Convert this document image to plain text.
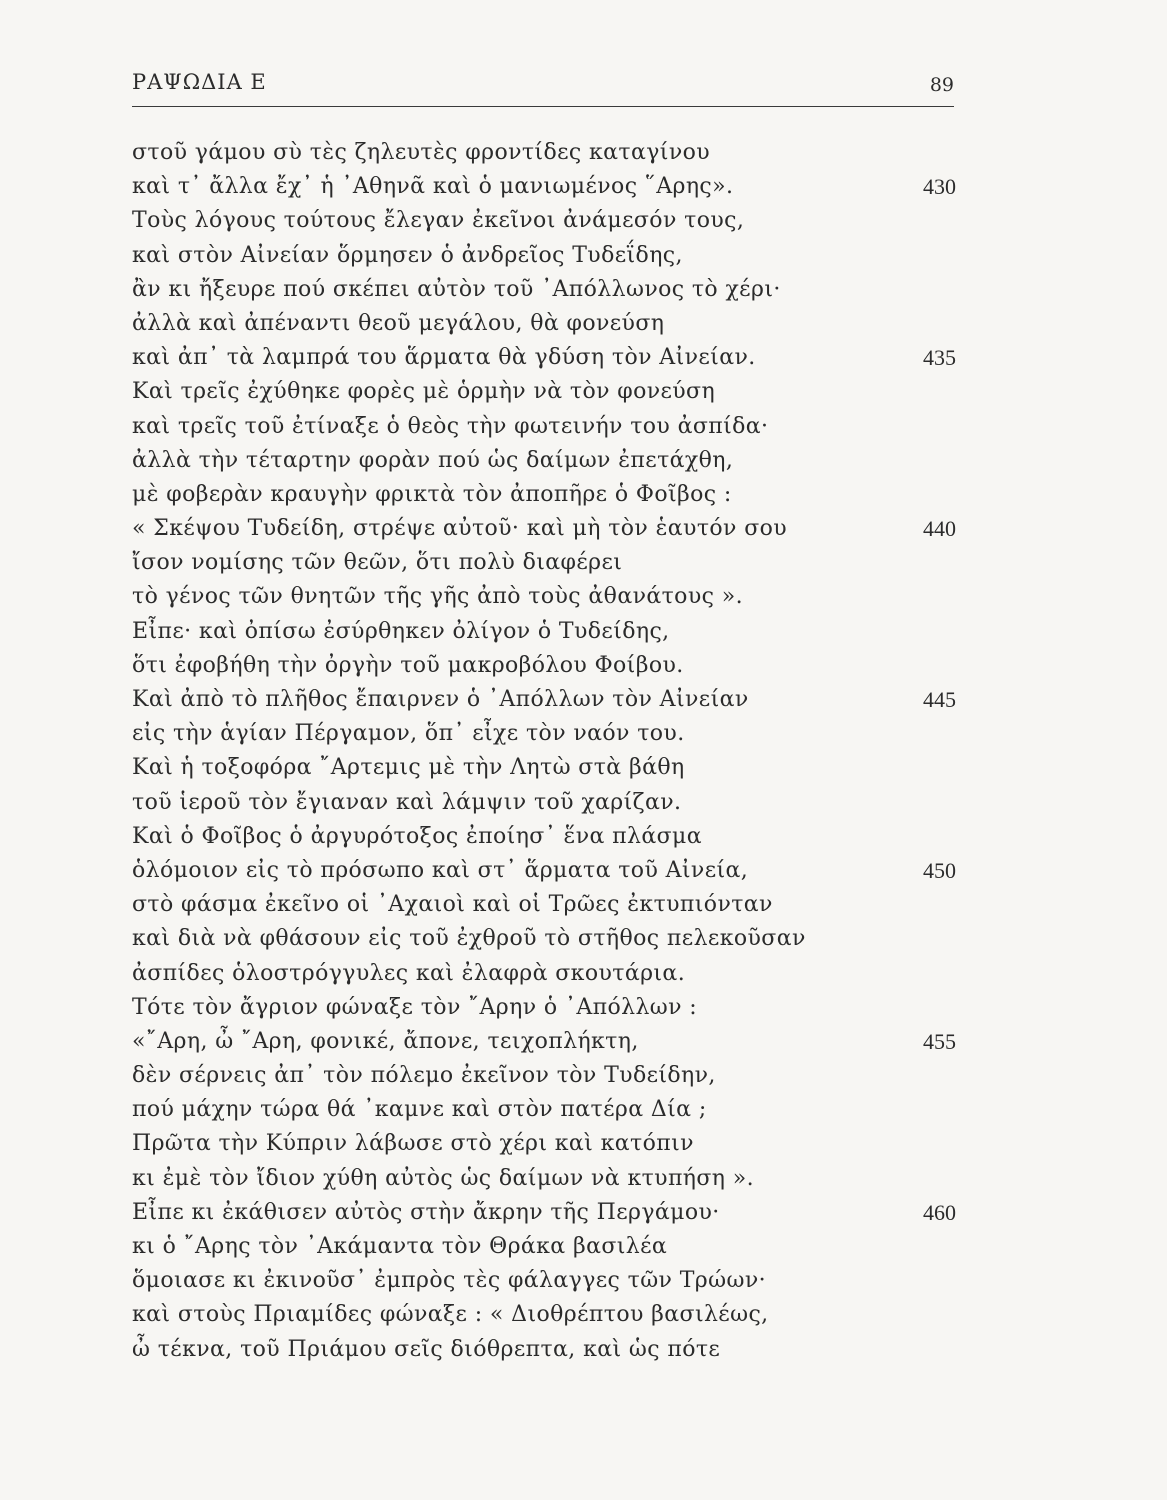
ΡΑΨΩΔΙΑ Ε	89
στοῦ γάμου σὺ τὲς ζηλευτὲς φροντίδες καταγίνου
καὶ τ᾽ ἄλλα ἔχ᾽ ἡ ᾽Αθηνᾶ καὶ ὁ μανιωμένος ῞Αρης».	430
Τοὺς λόγους τούτους ἔλεγαν ἐκεῖνοι ἀνάμεσόν τους,
καὶ στὸν Αἰνείαν ὅρμησεν ὁ ἀνδρεῖος Τυδεΐδης,
ἂν κι ἤξευρε πού σκέπει αὐτὸν τοῦ ᾽Απόλλωνος τὸ χέρι·
ἀλλὰ καὶ ἀπέναντι θεοῦ μεγάλου, θὰ φονεύση
καὶ ἀπ᾽ τὰ λαμπρά του ἅρματα θὰ γδύση τὸν Αἰνείαν.	435
Καὶ τρεῖς ἐχύθηκε φορὲς μὲ ὁρμὴν νὰ τὸν φονεύση
καὶ τρεῖς τοῦ ἐτίναξε ὁ θεὸς τὴν φωτεινήν του ἀσπίδα·
ἀλλὰ τὴν τέταρτην φορὰν πού ὡς δαίμων ἐπετάχθη,
μὲ φοβερὰν κραυγὴν φρικτὰ τὸν ἀποπῆρε ὁ Φοῖβος :
« Σκέψου Τυδείδη, στρέψε αὐτοῦ· καὶ μὴ τὸν ἑαυτόν σου	440
ἴσον νομίσης τῶν θεῶν, ὅτι πολὺ διαφέρει
τὸ γένος τῶν θνητῶν τῆς γῆς ἀπὸ τοὺς ἀθανάτους ».
Εἶπε· καὶ ὀπίσω ἐσύρθηκεν ὀλίγον ὁ Τυδείδης,
ὅτι ἐφοβήθη τὴν ὀργὴν τοῦ μακροβόλου Φοίβου.
Καὶ ἀπὸ τὸ πλῆθος ἔπαιρνεν ὁ ᾽Απόλλων τὸν Αἰνείαν	445
εἰς τὴν ἁγίαν Πέργαμον, ὅπ᾽ εἶχε τὸν ναόν του.
Καὶ ἡ τοξοφόρα ῎Αρτεμις μὲ τὴν Λητὼ στὰ βάθη
τοῦ ἱεροῦ τὸν ἔγιαναν καὶ λάμψιν τοῦ χαρίζαν.
Καὶ ὁ Φοῖβος ὁ ἀργυρότοξος ἐποίησ᾽ ἕνα πλάσμα
ὁλόμοιον εἰς τὸ πρόσωπο καὶ στ᾽ ἅρματα τοῦ Αἰνεία,	450
στὸ φάσμα ἐκεῖνο οἱ ᾽Αχαιοὶ καὶ οἱ Τρῶες ἐκτυπιόνταν
καὶ διὰ νὰ φθάσουν εἰς τοῦ ἐχθροῦ τὸ στῆθος πελεκοῦσαν
ἀσπίδες ὁλοστρόγγυλες καὶ ἐλαφρὰ σκουτάρια.
Τότε τὸν ἄγριον φώναξε τὸν ῎Αρην ὁ ᾽Απόλλων :
«῎Αρη, ὦ ῎Αρη, φονικέ, ἄπονε, τειχοπλήκτη,	455
δὲν σέρνεις ἀπ᾽ τὸν πόλεμο ἐκεῖνον τὸν Τυδείδην,
πού μάχην τώρα θά ᾽καμνε καὶ στὸν πατέρα Δία ;
Πρῶτα τὴν Κύπριν λάβωσε στὸ χέρι καὶ κατόπιν
κι ἐμὲ τὸν ἴδιον χύθη αὐτὸς ὡς δαίμων νὰ κτυπήση ».
Εἶπε κι ἐκάθισεν αὐτὸς στὴν ἄκρην τῆς Περγάμου·	460
κι ὁ ῎Αρης τὸν ᾽Ακάμαντα τὸν Θράκα βασιλέα
ὅμοιασε κι ἐκινοῦσ᾽ ἐμπρὸς τὲς φάλαγγες τῶν Τρώων·
καὶ στοὺς Πριαμίδες φώναξε : « Διοθρέπτου βασιλέως,
ὦ τέκνα, τοῦ Πριάμου σεῖς διόθρεπτα, καὶ ὡς πότε
